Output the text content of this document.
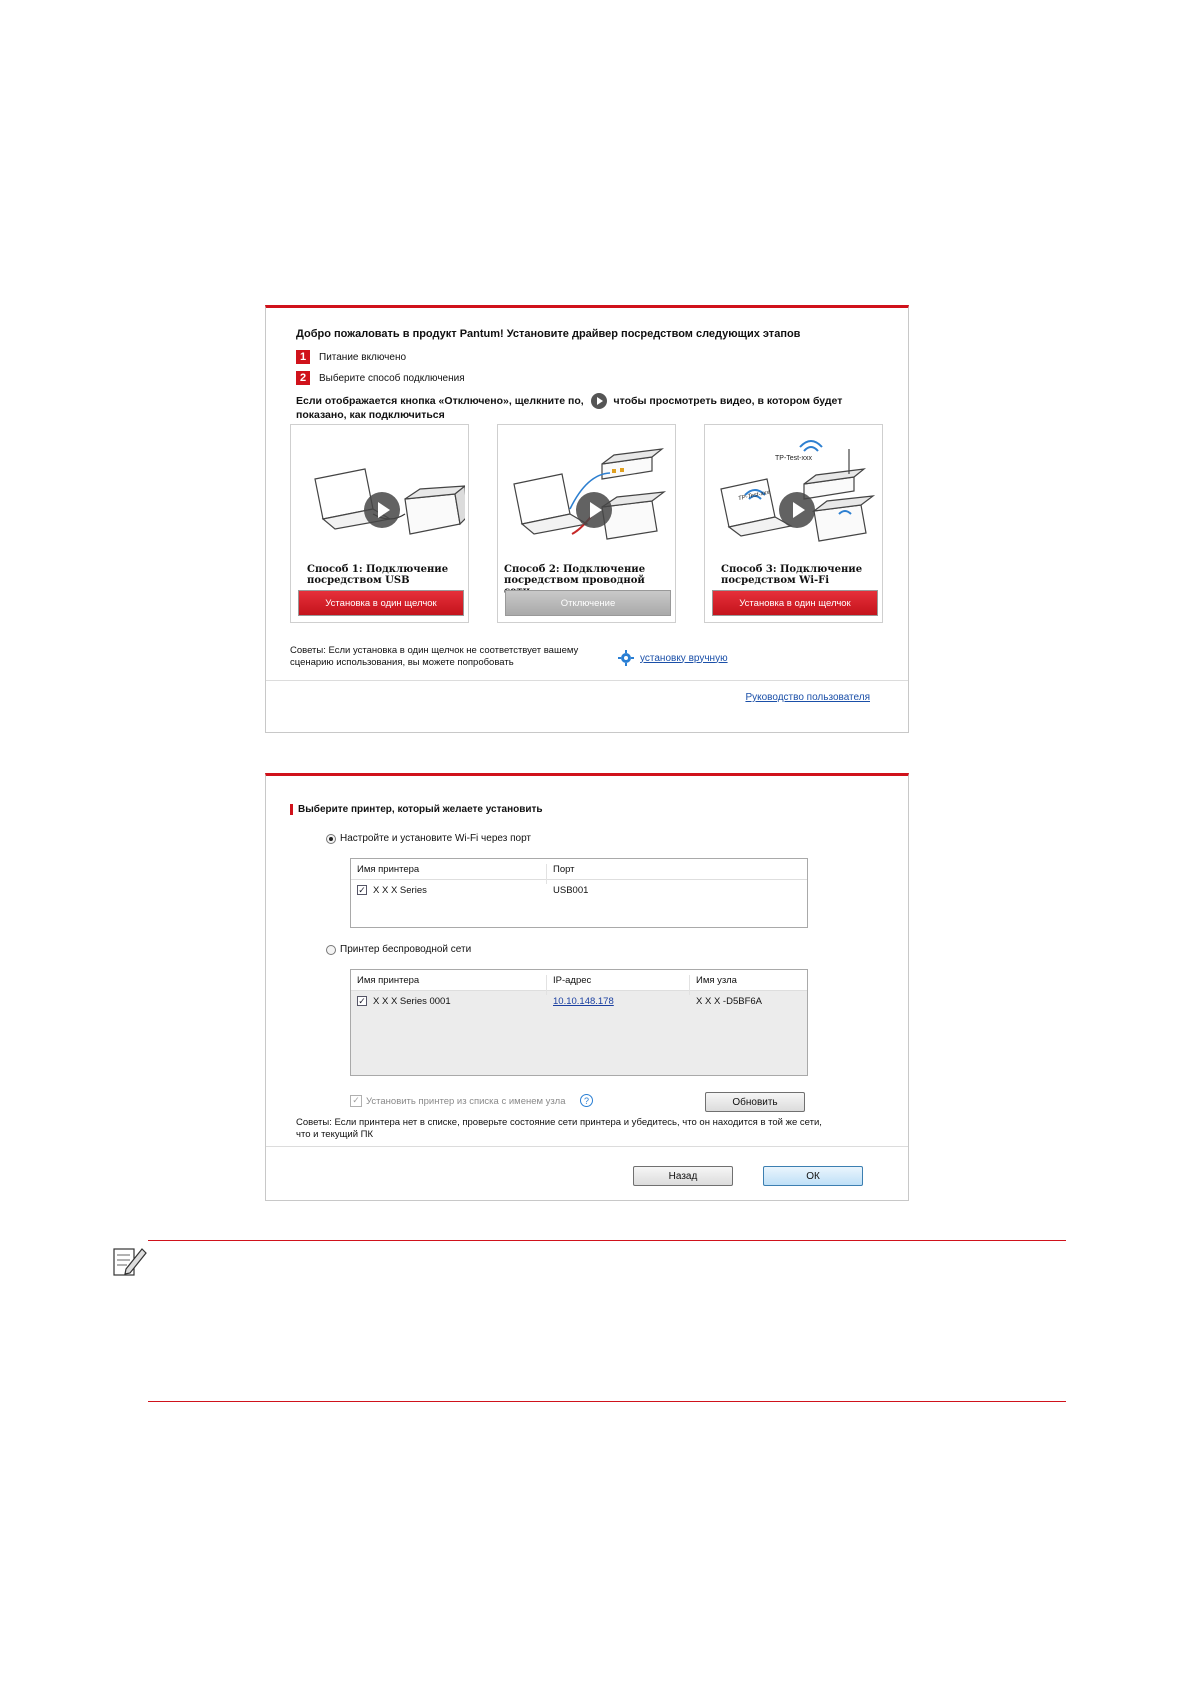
Добро пожаловать в продукт Pantum! Установите драйвер посредством следующих этапов
1	Питание включено
2	Выберите способ подключения
Если отображается кнопка «Отключено», щелкните по,	чтобы просмотреть видео, в котором будет показано, как подключиться
Способ 1: Подключение посредством USB
Установка в один щелчок
Способ 2: Подключение посредством проводной
Отключение
TP-Test-xxx
TP-Test-xxx
Способ 3: Подключение посредством Wi-Fi
Установка в один щелчок
Советы: Если установка в один щелчок не соответствует вашему сценарию использования, вы можете попробовать	установку вручную
Руководство пользователя
Выберите принтер, который желаете установить
Настройте и установите Wi-Fi через порт
Имя принтера	Порт
✓ X X X Series	USB001
Принтер беспроводной сети
Имя принтера	IP-адрес	Имя узла
✓ X X X Series 0001	10.10.148.178	X X X -D5BF6A
✓ Установить принтер из списка с именем узла	?	Обновить
Советы: Если принтера нет в списке, проверьте состояние сети принтера и убедитесь, что он находится в той же сети, что и текущий ПК
Назад	ОК
